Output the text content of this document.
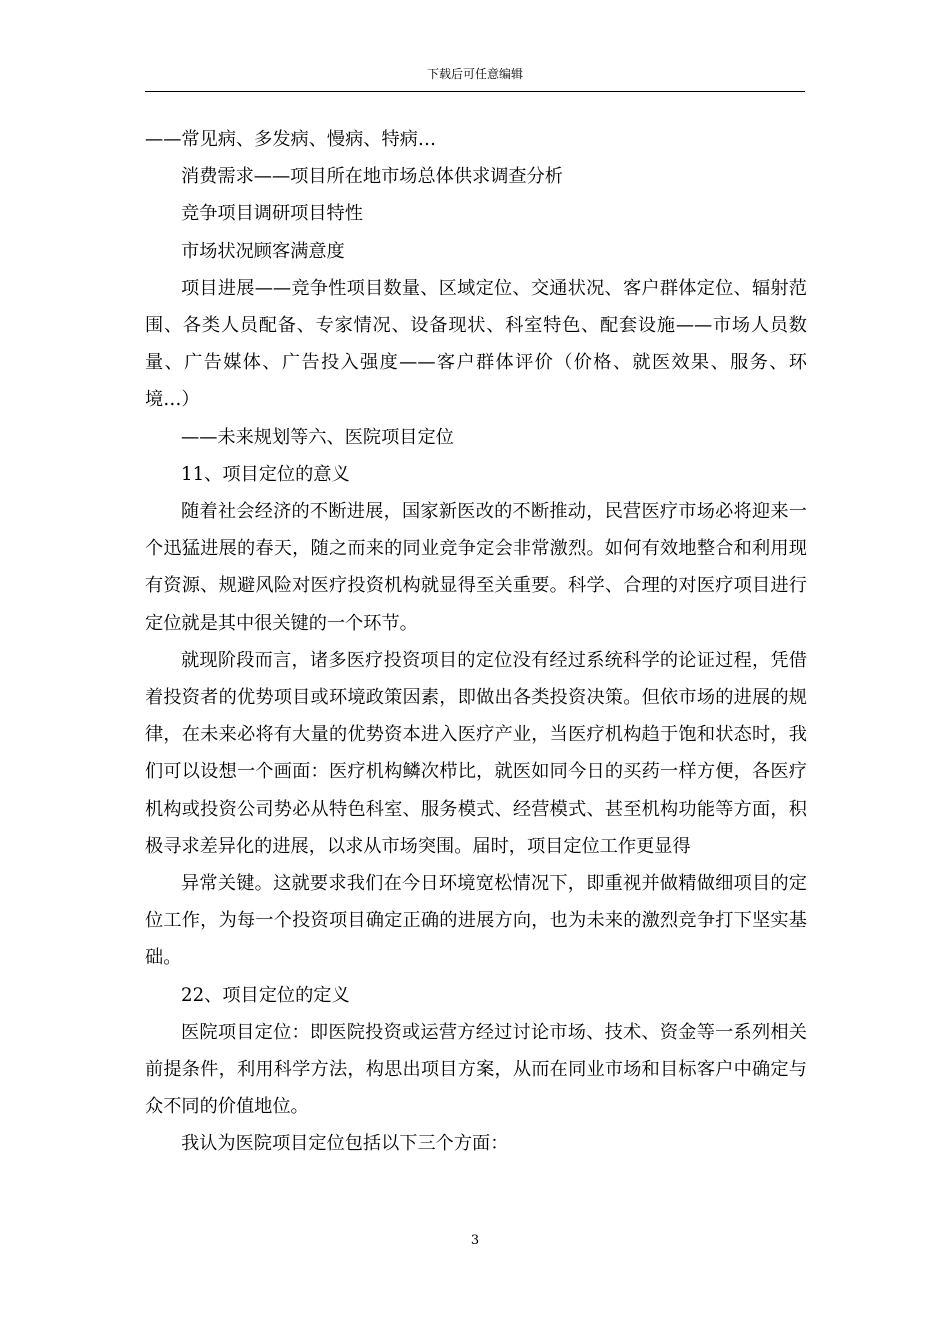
下载后可任意编辑

——常见病、多发病、慢病、特病…

消费需求——项目所在地市场总体供求调查分析

竞争项目调研项目特性

市场状况顾客满意度

项目进展——竞争性项目数量、区域定位、交通状况、客户群体定位、辐射范围、各类人员配备、专家情况、设备现状、科室特色、配套设施——市场人员数量、广告媒体、广告投入强度——客户群体评价（价格、就医效果、服务、环境…）

——未来规划等六、医院项目定位

11、项目定位的意义

随着社会经济的不断进展，国家新医改的不断推动，民营医疗市场必将迎来一个迅猛进展的春天，随之而来的同业竞争定会非常激烈。如何有效地整合和利用现有资源、规避风险对医疗投资机构就显得至关重要。科学、合理的对医疗项目进行定位就是其中很关键的一个环节。

就现阶段而言，诸多医疗投资项目的定位没有经过系统科学的论证过程，凭借着投资者的优势项目或环境政策因素，即做出各类投资决策。但依市场的进展的规律，在未来必将有大量的优势资本进入医疗产业，当医疗机构趋于饱和状态时，我们可以设想一个画面：医疗机构鳞次栉比，就医如同今日的买药一样方便，各医疗机构或投资公司势必从特色科室、服务模式、经营模式、甚至机构功能等方面，积极寻求差异化的进展，以求从市场突围。届时，项目定位工作更显得

异常关键。这就要求我们在今日环境宽松情况下，即重视并做精做细项目的定位工作，为每一个投资项目确定正确的进展方向，也为未来的激烈竞争打下坚实基础。

22、项目定位的定义

医院项目定位：即医院投资或运营方经过讨论市场、技术、资金等一系列相关前提条件，利用科学方法，构思出项目方案，从而在同业市场和目标客户中确定与众不同的价值地位。

我认为医院项目定位包括以下三个方面：

3
